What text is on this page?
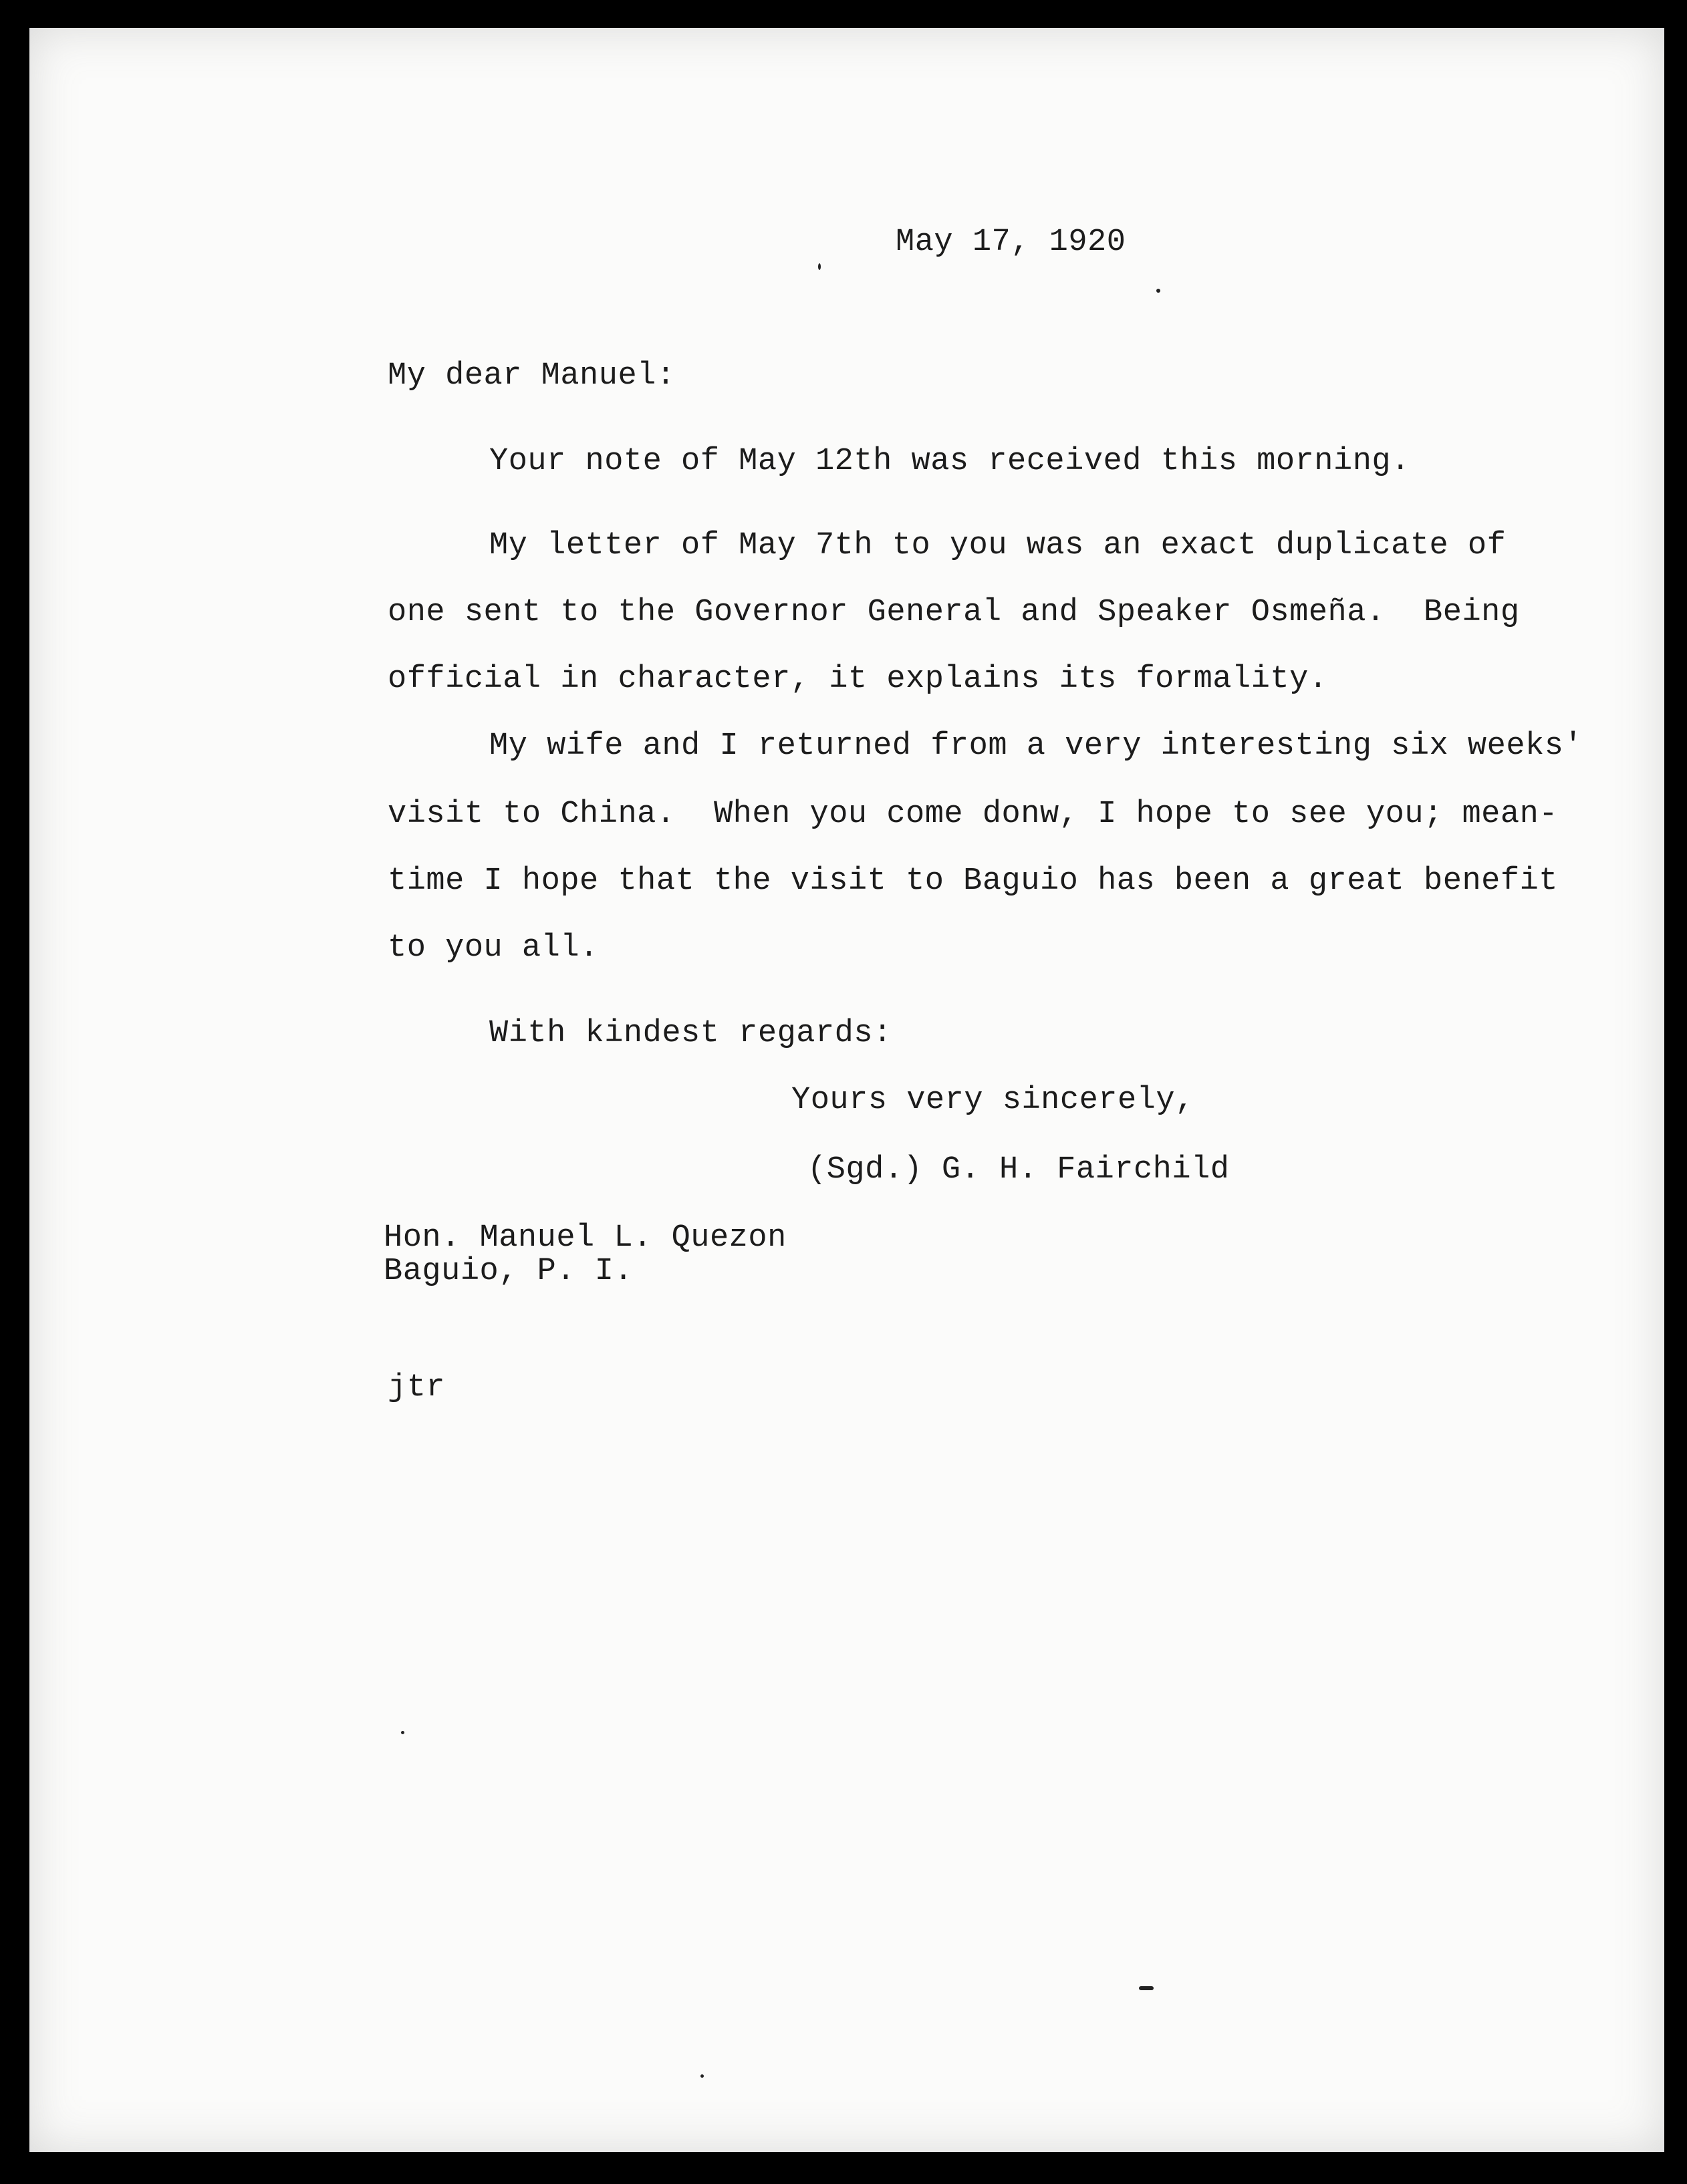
May 17, 1920
My dear Manuel:
Your note of May 12th was received this morning.
My letter of May 7th to you was an exact duplicate of
one sent to the Governor General and Speaker Osmeña.  Being
official in character, it explains its formality.
My wife and I returned from a very interesting six weeks'
visit to China.  When you come donw, I hope to see you; mean-
time I hope that the visit to Baguio has been a great benefit
to you all.
With kindest regards:
Yours very sincerely,
(Sgd.) G. H. Fairchild
Hon. Manuel L. Quezon
Baguio, P. I.
jtr
